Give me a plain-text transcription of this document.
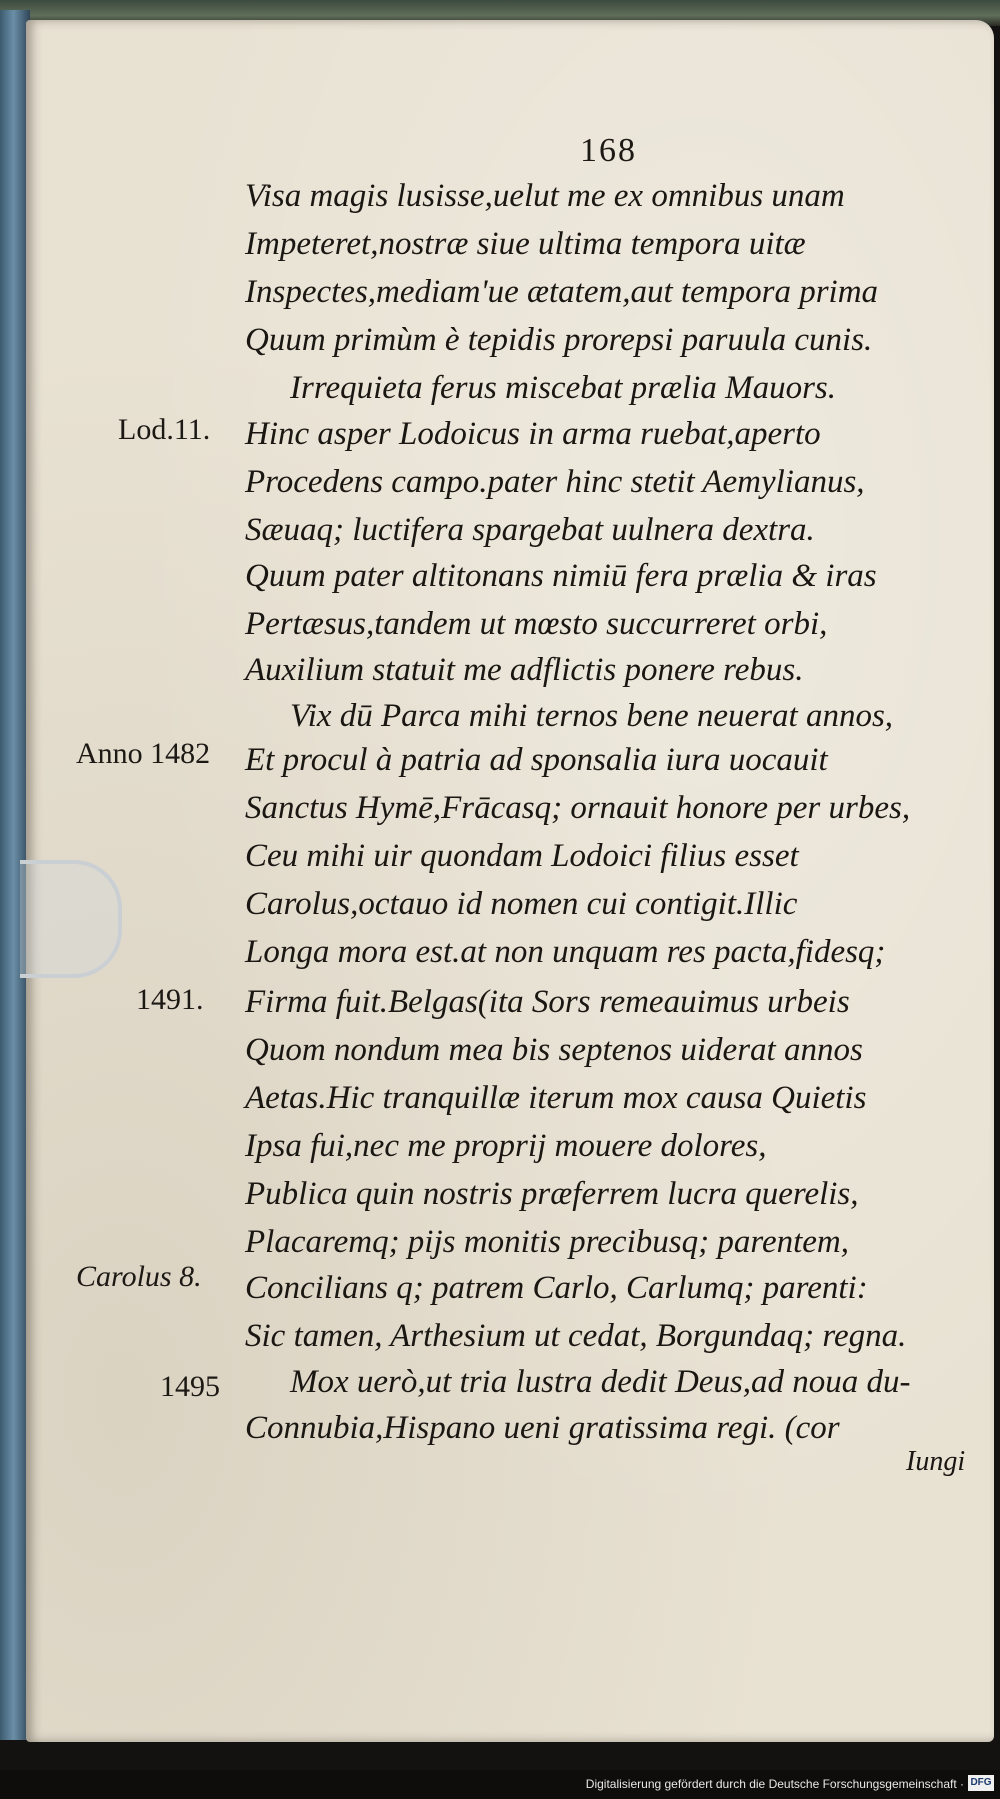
168
Lod.11.
Anno 1482
1491.
Carolus 8.
1495
Visa magis lusisse,uelut me ex omnibus unam
Impeteret,nostræ siue ultima tempora uitæ
Inspectes,mediam'ue ætatem,aut tempora prima
Quum primùm è tepidis prorepsi paruula cunis.
Irrequieta ferus miscebat prælia Mauors.
Hinc asper Lodoicus in arma ruebat,aperto
Procedens campo.pater hinc stetit Aemylianus,
Sæuaq; luctifera spargebat uulnera dextra.
Quum pater altitonans nimiū fera prælia & iras
Pertæsus,tandem ut mœsto succurreret orbi,
Auxilium statuit me adflictis ponere rebus.
Vix dū Parca mihi ternos bene neuerat annos,
Et procul à patria ad sponsalia iura uocauit
Sanctus Hymē,Frācasq; ornauit honore per urbes,
Ceu mihi uir quondam Lodoici filius esset
Carolus,octauo id nomen cui contigit.Illic
Longa mora est.at non unquam res pacta,fidesq;
Firma fuit.Belgas(ita Sors remeauimus urbeis
Quom nondum mea bis septenos uiderat annos
Aetas.Hic tranquillæ iterum mox causa Quietis
Ipsa fui,nec me proprij mouere dolores,
Publica quin nostris præferrem lucra querelis,
Placaremq; pijs monitis precibusq; parentem,
Concilians q; patrem Carlo, Carlumq; parenti:
Sic tamen, Arthesium ut cedat, Borgundaq; regna.
Mox uerò,ut tria lustra dedit Deus,ad noua du-
Connubia,Hispano ueni gratissima regi. (cor
Iungi
Digitalisierung gefördert durch die Deutsche Forschungsgemeinschaft · DFG
